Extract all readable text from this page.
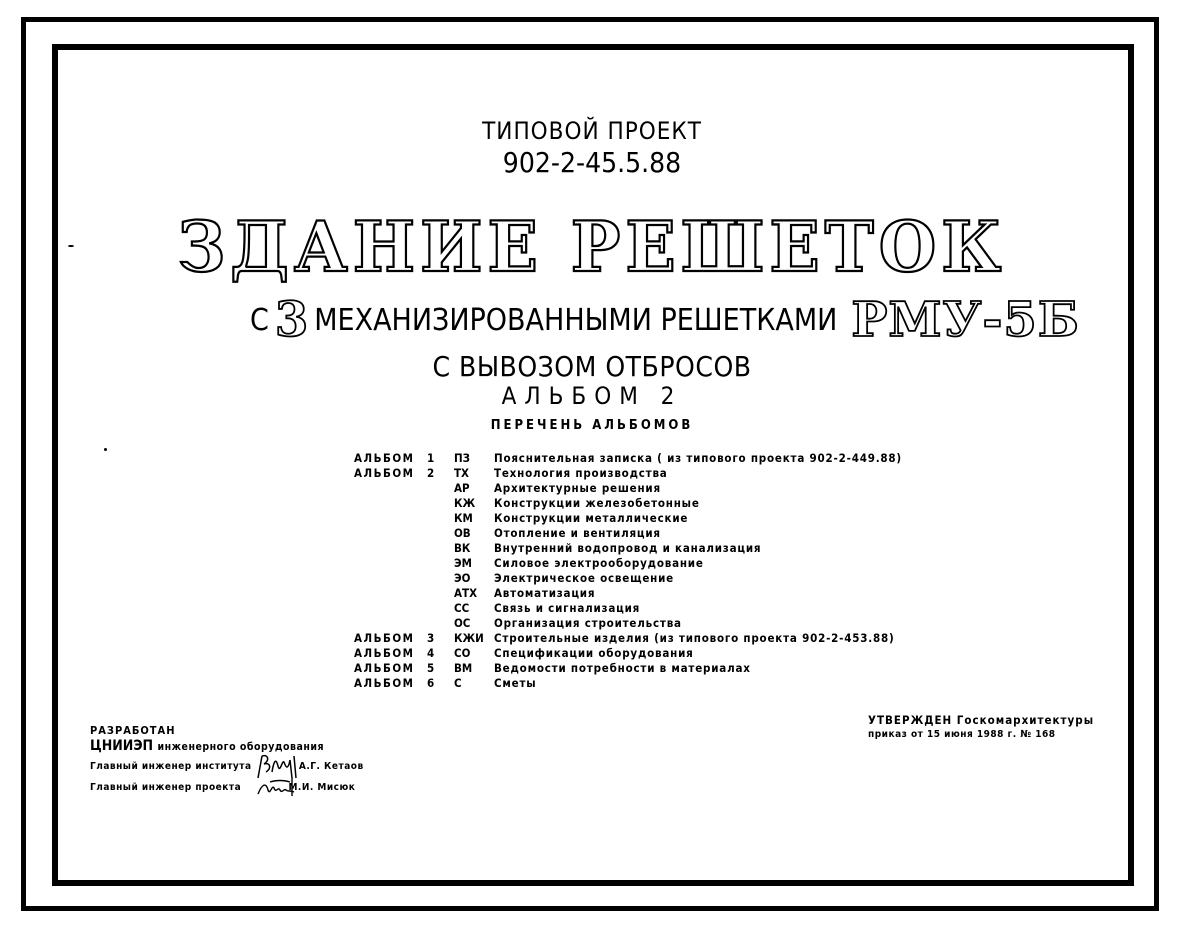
ТИПОВОЙ ПРОЕКТ
902-2-45.5.88
ЗДАНИЕ РЕШЕТОК
С 3 МЕХАНИЗИРОВАННЫМИ РЕШЕТКАМИ РМУ-5Б
С ВЫВОЗОМ ОТБРОСОВ
АЛЬБОМ 2
ПЕРЕЧЕНЬ АЛЬБОМОВ
АЛЬБОМ 1 ПЗ Пояснительная записка ( из типового проекта 902-2-449.88)
АЛЬБОМ 2 ТХ Технология производства
АР Архитектурные решения
КЖ Конструкции железобетонные
КМ Конструкции металлические
ОВ Отопление и вентиляция
ВК Внутренний водопровод и канализация
ЭМ Силовое электрооборудование
ЭО Электрическое освещение
АТХ Автоматизация
СС Связь и сигнализация
ОС Организация строительства
АЛЬБОМ 3 КЖИ Строительные изделия (из типового проекта 902-2-453.88)
АЛЬБОМ 4 СО Спецификации оборудования
АЛЬБОМ 5 ВМ Ведомости потребности в материалах
АЛЬБОМ 6 С	Сметы
РАЗРАБОТАН
ЦНИИЭП инженерного оборудования
Главный инженер института	А.Г. Кетаов
Главный инженер проекта	М.И. Мисюк
УТВЕРЖДЕН Госкомархитектуры
приказ от 15 июня 1988 г. № 168
